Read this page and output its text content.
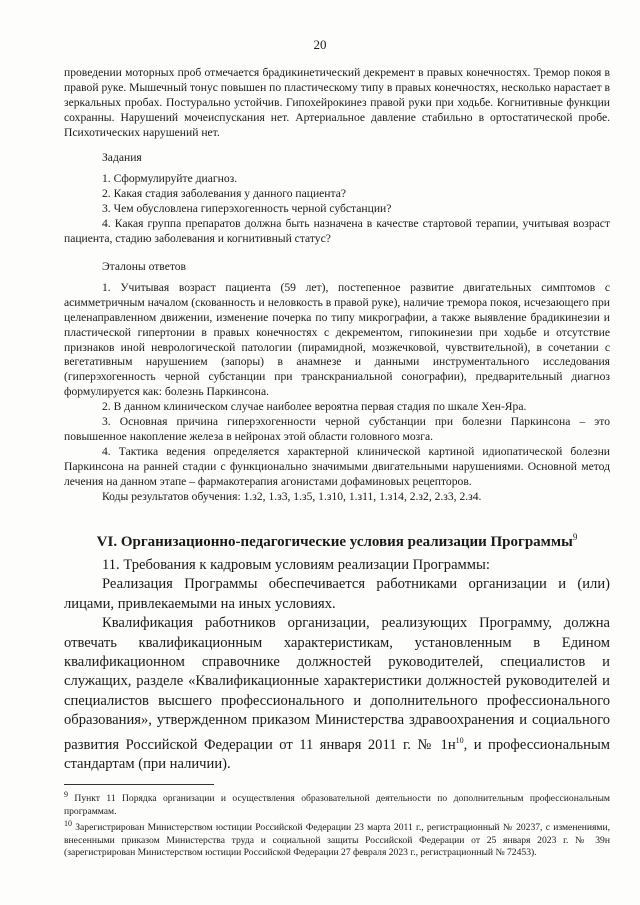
20

проведении моторных проб отмечается брадикинетический декремент в правых конечностях. Тремор покоя в правой руке. Мышечный тонус повышен по пластическому типу в правых конечностях, несколько нарастает в зеркальных пробах. Постурально устойчив. Гипохейрокинез правой руки при ходьбе. Когнитивные функции сохранны. Нарушений мочеиспускания нет. Артериальное давление стабильно в ортостатической пробе. Психотических нарушений нет.

Задания

1. Сформулируйте диагноз.

2. Какая стадия заболевания у данного пациента?

3. Чем обусловлена гиперэхогенность черной субстанции?

4. Какая группа препаратов должна быть назначена в качестве стартовой терапии, учитывая возраст пациента, стадию заболевания и когнитивный статус?

Эталоны ответов

1. Учитывая возраст пациента (59 лет), постепенное развитие двигательных симптомов с асимметричным началом (скованность и неловкость в правой руке), наличие тремора покоя, исчезающего при целенаправленном движении, изменение почерка по типу микрографии, а также выявление брадикинезии и пластической гипертонии в правых конечностях с декрементом, гипокинезии при ходьбе и отсутствие признаков иной неврологической патологии (пирамидной, мозжечковой, чувствительной), в сочетании с вегетативным нарушением (запоры) в анамнезе и данными инструментального исследования (гиперэхогенность черной субстанции при транскраниальной сонографии), предварительный диагноз формулируется как: болезнь Паркинсона.

2. В данном клиническом случае наиболее вероятна первая стадия по шкале Хен-Яра.

3. Основная причина гиперэхогенности черной субстанции при болезни Паркинсона – это повышенное накопление железа в нейронах этой области головного мозга.

4. Тактика ведения определяется характерной клинической картиной идиопатической болезни Паркинсона на ранней стадии с функционально значимыми двигательными нарушениями. Основной метод лечения на данном этапе – фармакотерапия агонистами дофаминовых рецепторов.

Коды результатов обучения: 1.з2, 1.з3, 1.з5, 1.з10, 1.з11, 1.з14, 2.з2, 2.з3, 2.з4.

VI. Организационно-педагогические условия реализации Программы$^9$

11. Требования к кадровым условиям реализации Программы:

Реализация Программы обеспечивается работниками организации и (или) лицами, привлекаемыми на иных условиях.

Квалификация работников организации, реализующих Программу, должна отвечать квалификационным характеристикам, установленным в Едином квалификационном справочнике должностей руководителей, специалистов и служащих, разделе «Квалификационные характеристики должностей руководителей и специалистов высшего профессионального и дополнительного профессионального образования», утвержденном приказом Министерства здравоохранения и социального развития Российской Федерации от 11 января 2011 г. № $1н^{10}$, и профессиональным стандартам (при наличии).

$^9$ Пункт 11 Порядка организации и осуществления образовательной деятельности по дополнительным профессиональным программам.

$^{10}$ Зарегистрирован Министерством юстиции Российской Федерации 23 марта 2011 г., регистрационный № 20237, с изменениями, внесенными приказом Министерства труда и социальной защиты Российской Федерации от 25 января 2023 г. № 39н (зарегистрирован Министерством юстиции Российской Федерации 27 февраля 2023 г., регистрационный № 72453).
